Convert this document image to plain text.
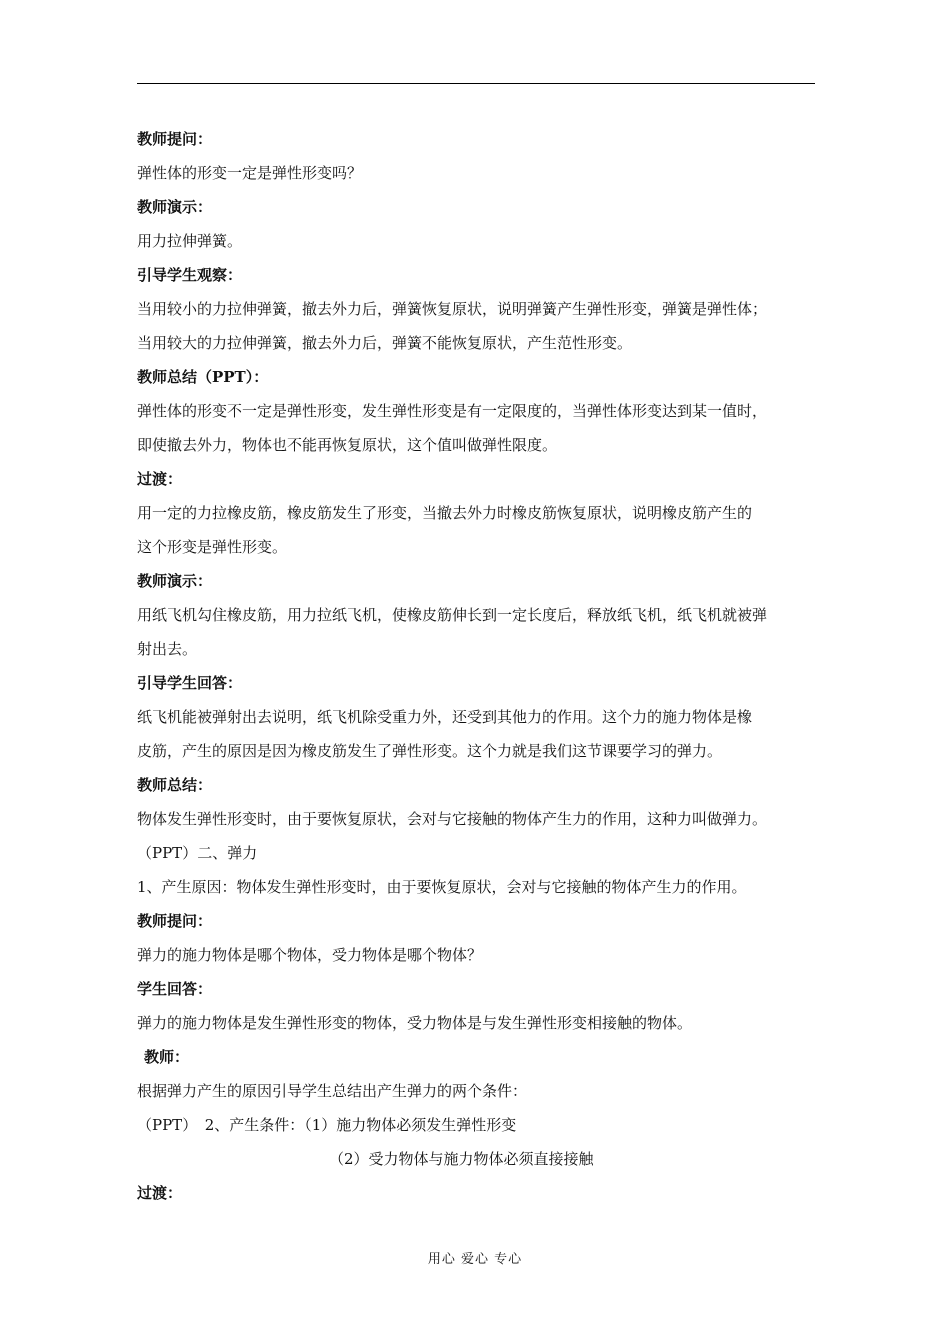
教师提问：
弹性体的形变一定是弹性形变吗？
教师演示：
用力拉伸弹簧。
引导学生观察：
当用较小的力拉伸弹簧，撤去外力后，弹簧恢复原状，说明弹簧产生弹性形变，弹簧是弹性体；
当用较大的力拉伸弹簧，撤去外力后，弹簧不能恢复原状，产生范性形变。
教师总结（PPT）：
弹性体的形变不一定是弹性形变，发生弹性形变是有一定限度的，当弹性体形变达到某一值时，
即使撤去外力，物体也不能再恢复原状，这个值叫做弹性限度。
过渡：
用一定的力拉橡皮筋，橡皮筋发生了形变，当撤去外力时橡皮筋恢复原状，说明橡皮筋产生的
这个形变是弹性形变。
教师演示：
用纸飞机勾住橡皮筋，用力拉纸飞机，使橡皮筋伸长到一定长度后，释放纸飞机，纸飞机就被弹
射出去。
引导学生回答：
纸飞机能被弹射出去说明，纸飞机除受重力外，还受到其他力的作用。这个力的施力物体是橡
皮筋，产生的原因是因为橡皮筋发生了弹性形变。这个力就是我们这节课要学习的弹力。
教师总结：
物体发生弹性形变时，由于要恢复原状，会对与它接触的物体产生力的作用，这种力叫做弹力。
（PPT）二、弹力
1、产生原因：物体发生弹性形变时，由于要恢复原状，会对与它接触的物体产生力的作用。
教师提问：
弹力的施力物体是哪个物体，受力物体是哪个物体？
学生回答：
弹力的施力物体是发生弹性形变的物体，受力物体是与发生弹性形变相接触的物体。
教师：
根据弹力产生的原因引导学生总结出产生弹力的两个条件：
（PPT）　2、产生条件：（1）施力物体必须发生弹性形变
（2）受力物体与施力物体必须直接接触
过渡：
用心 爱心 专心
